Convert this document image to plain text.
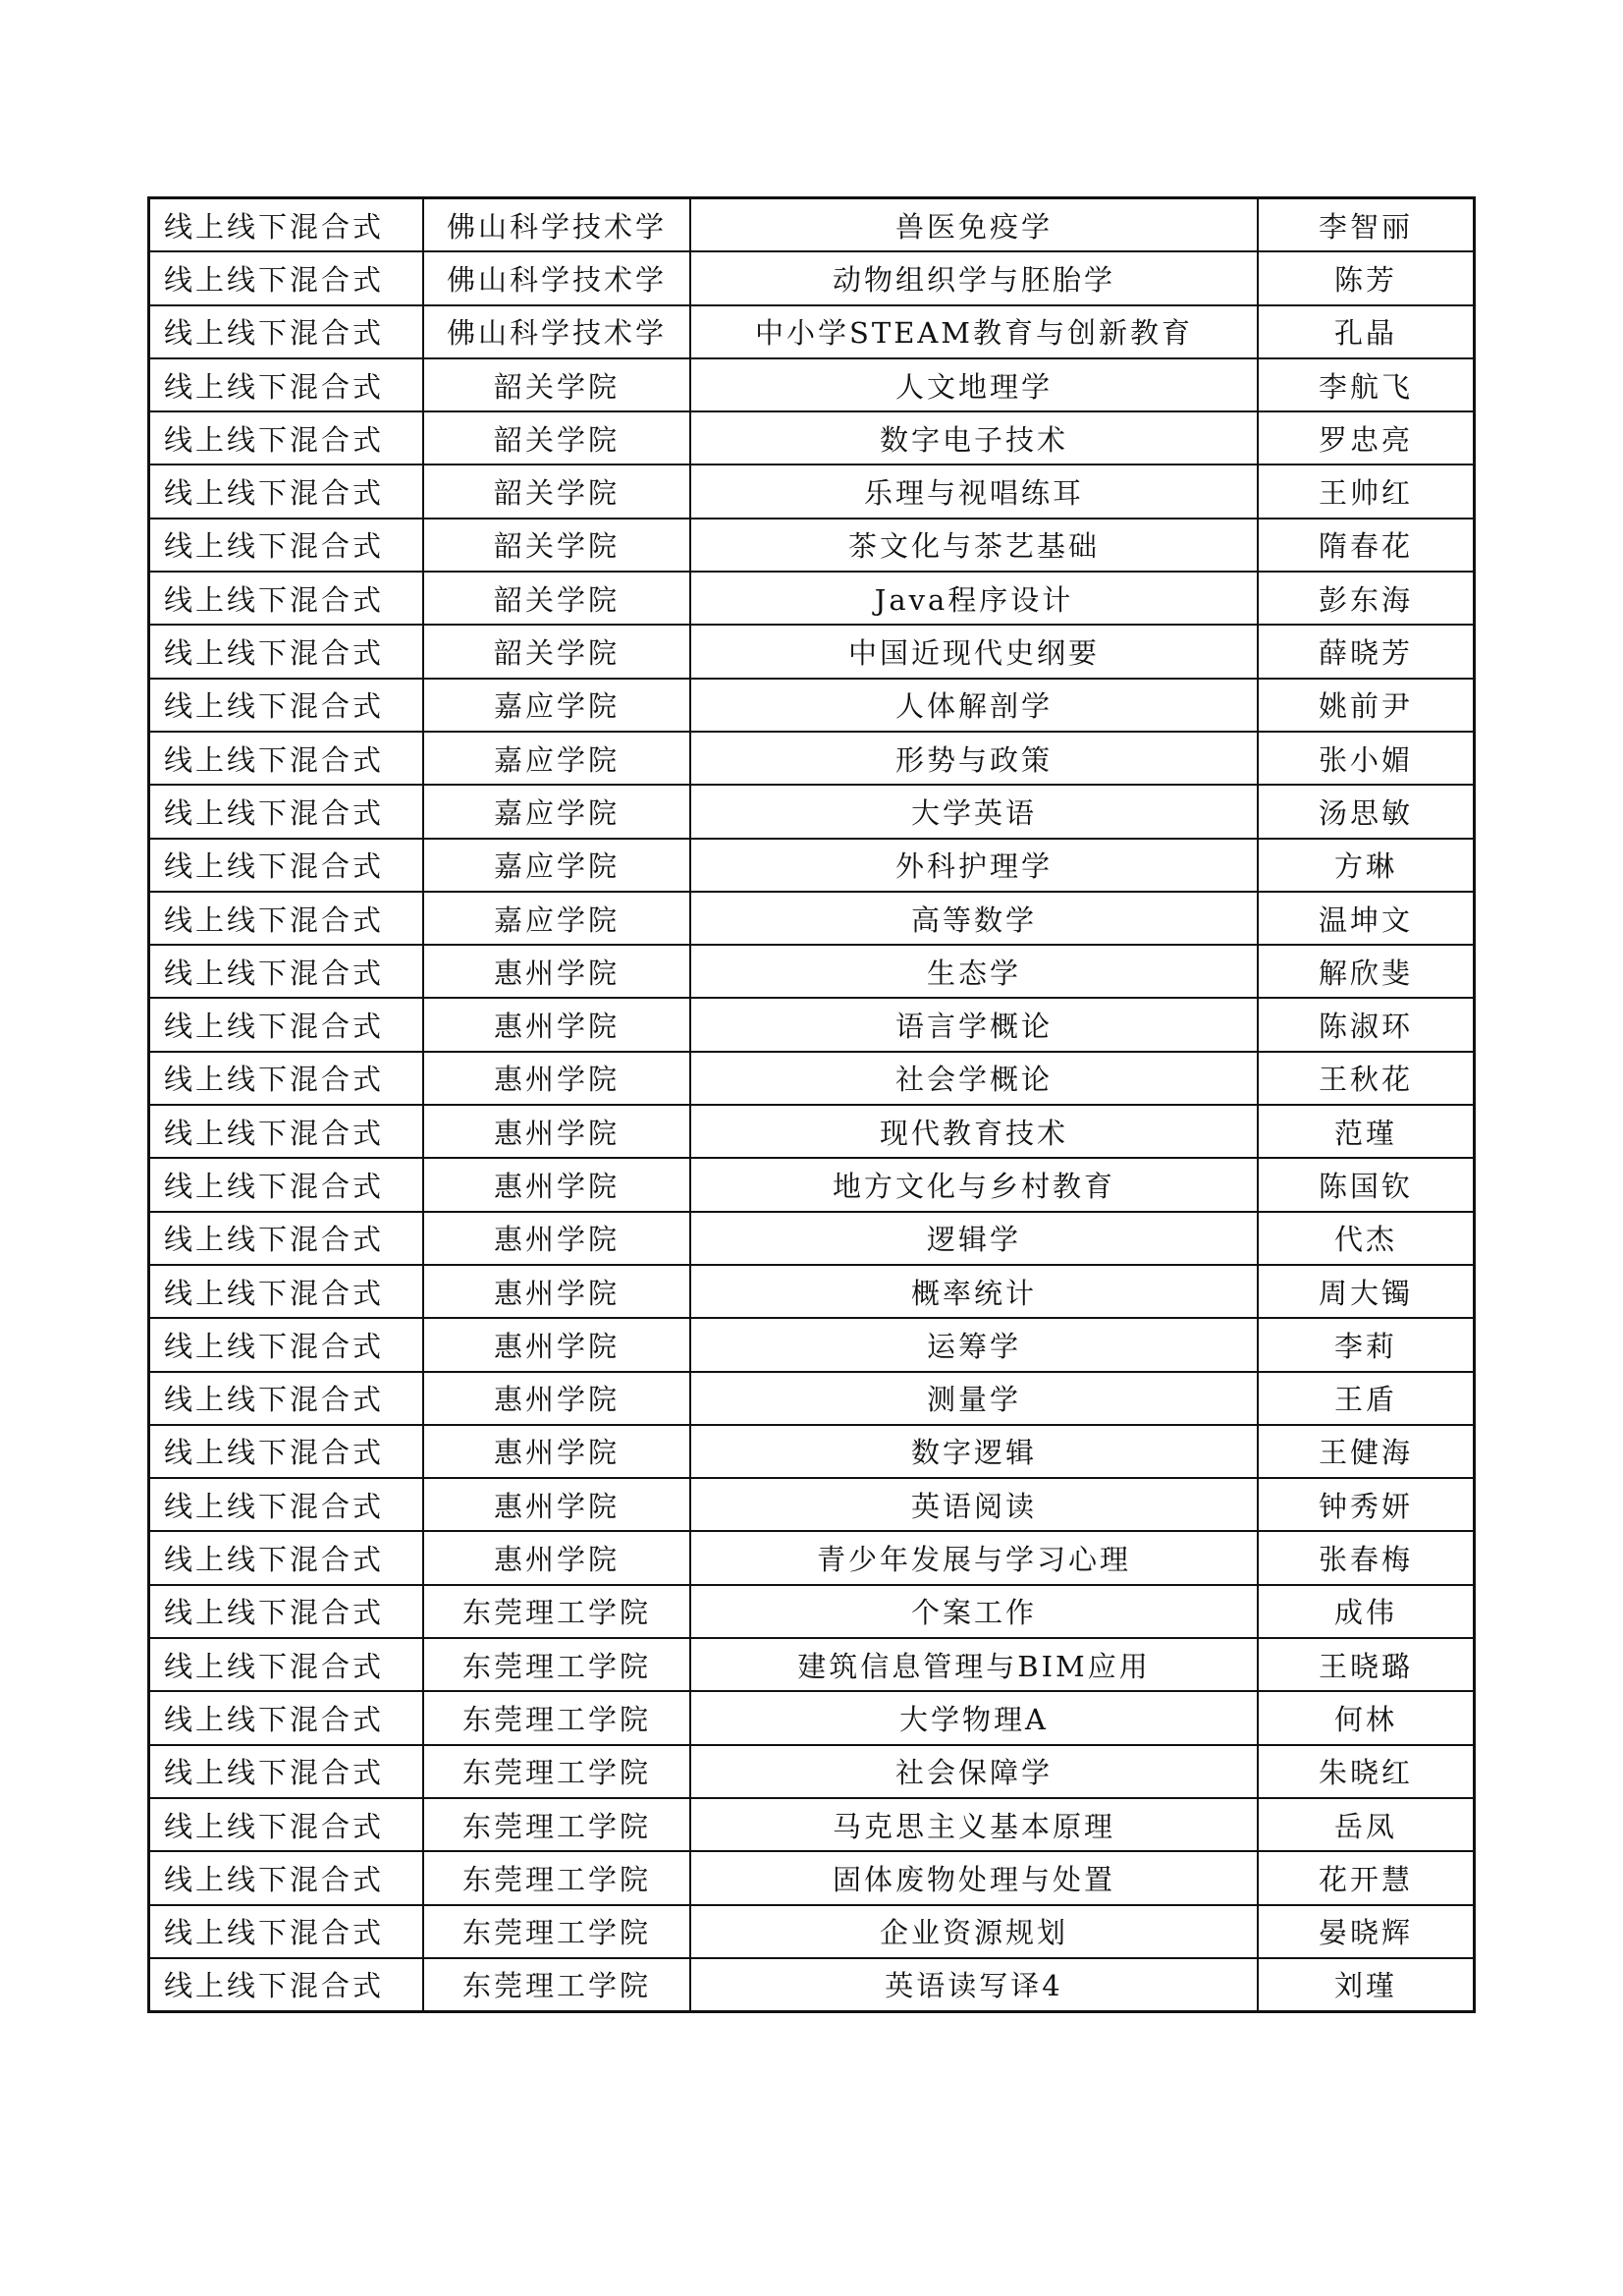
线上线下混合式	佛山科学技术学	兽医免疫学	李智丽
线上线下混合式	佛山科学技术学	动物组织学与胚胎学	陈芳
线上线下混合式	佛山科学技术学	中小学STEAM教育与创新教育	孔晶
线上线下混合式	韶关学院	人文地理学	李航飞
线上线下混合式	韶关学院	数字电子技术	罗忠亮
线上线下混合式	韶关学院	乐理与视唱练耳	王帅红
线上线下混合式	韶关学院	茶文化与茶艺基础	隋春花
线上线下混合式	韶关学院	Java程序设计	彭东海
线上线下混合式	韶关学院	中国近现代史纲要	薛晓芳
线上线下混合式	嘉应学院	人体解剖学	姚前尹
线上线下混合式	嘉应学院	形势与政策	张小媚
线上线下混合式	嘉应学院	大学英语	汤思敏
线上线下混合式	嘉应学院	外科护理学	方琳
线上线下混合式	嘉应学院	高等数学	温坤文
线上线下混合式	惠州学院	生态学	解欣斐
线上线下混合式	惠州学院	语言学概论	陈淑环
线上线下混合式	惠州学院	社会学概论	王秋花
线上线下混合式	惠州学院	现代教育技术	范瑾
线上线下混合式	惠州学院	地方文化与乡村教育	陈国钦
线上线下混合式	惠州学院	逻辑学	代杰
线上线下混合式	惠州学院	概率统计	周大镯
线上线下混合式	惠州学院	运筹学	李莉
线上线下混合式	惠州学院	测量学	王盾
线上线下混合式	惠州学院	数字逻辑	王健海
线上线下混合式	惠州学院	英语阅读	钟秀妍
线上线下混合式	惠州学院	青少年发展与学习心理	张春梅
线上线下混合式	东莞理工学院	个案工作	成伟
线上线下混合式	东莞理工学院	建筑信息管理与BIM应用	王晓璐
线上线下混合式	东莞理工学院	大学物理A	何林
线上线下混合式	东莞理工学院	社会保障学	朱晓红
线上线下混合式	东莞理工学院	马克思主义基本原理	岳凤
线上线下混合式	东莞理工学院	固体废物处理与处置	花开慧
线上线下混合式	东莞理工学院	企业资源规划	晏晓辉
线上线下混合式	东莞理工学院	英语读写译4	刘瑾
